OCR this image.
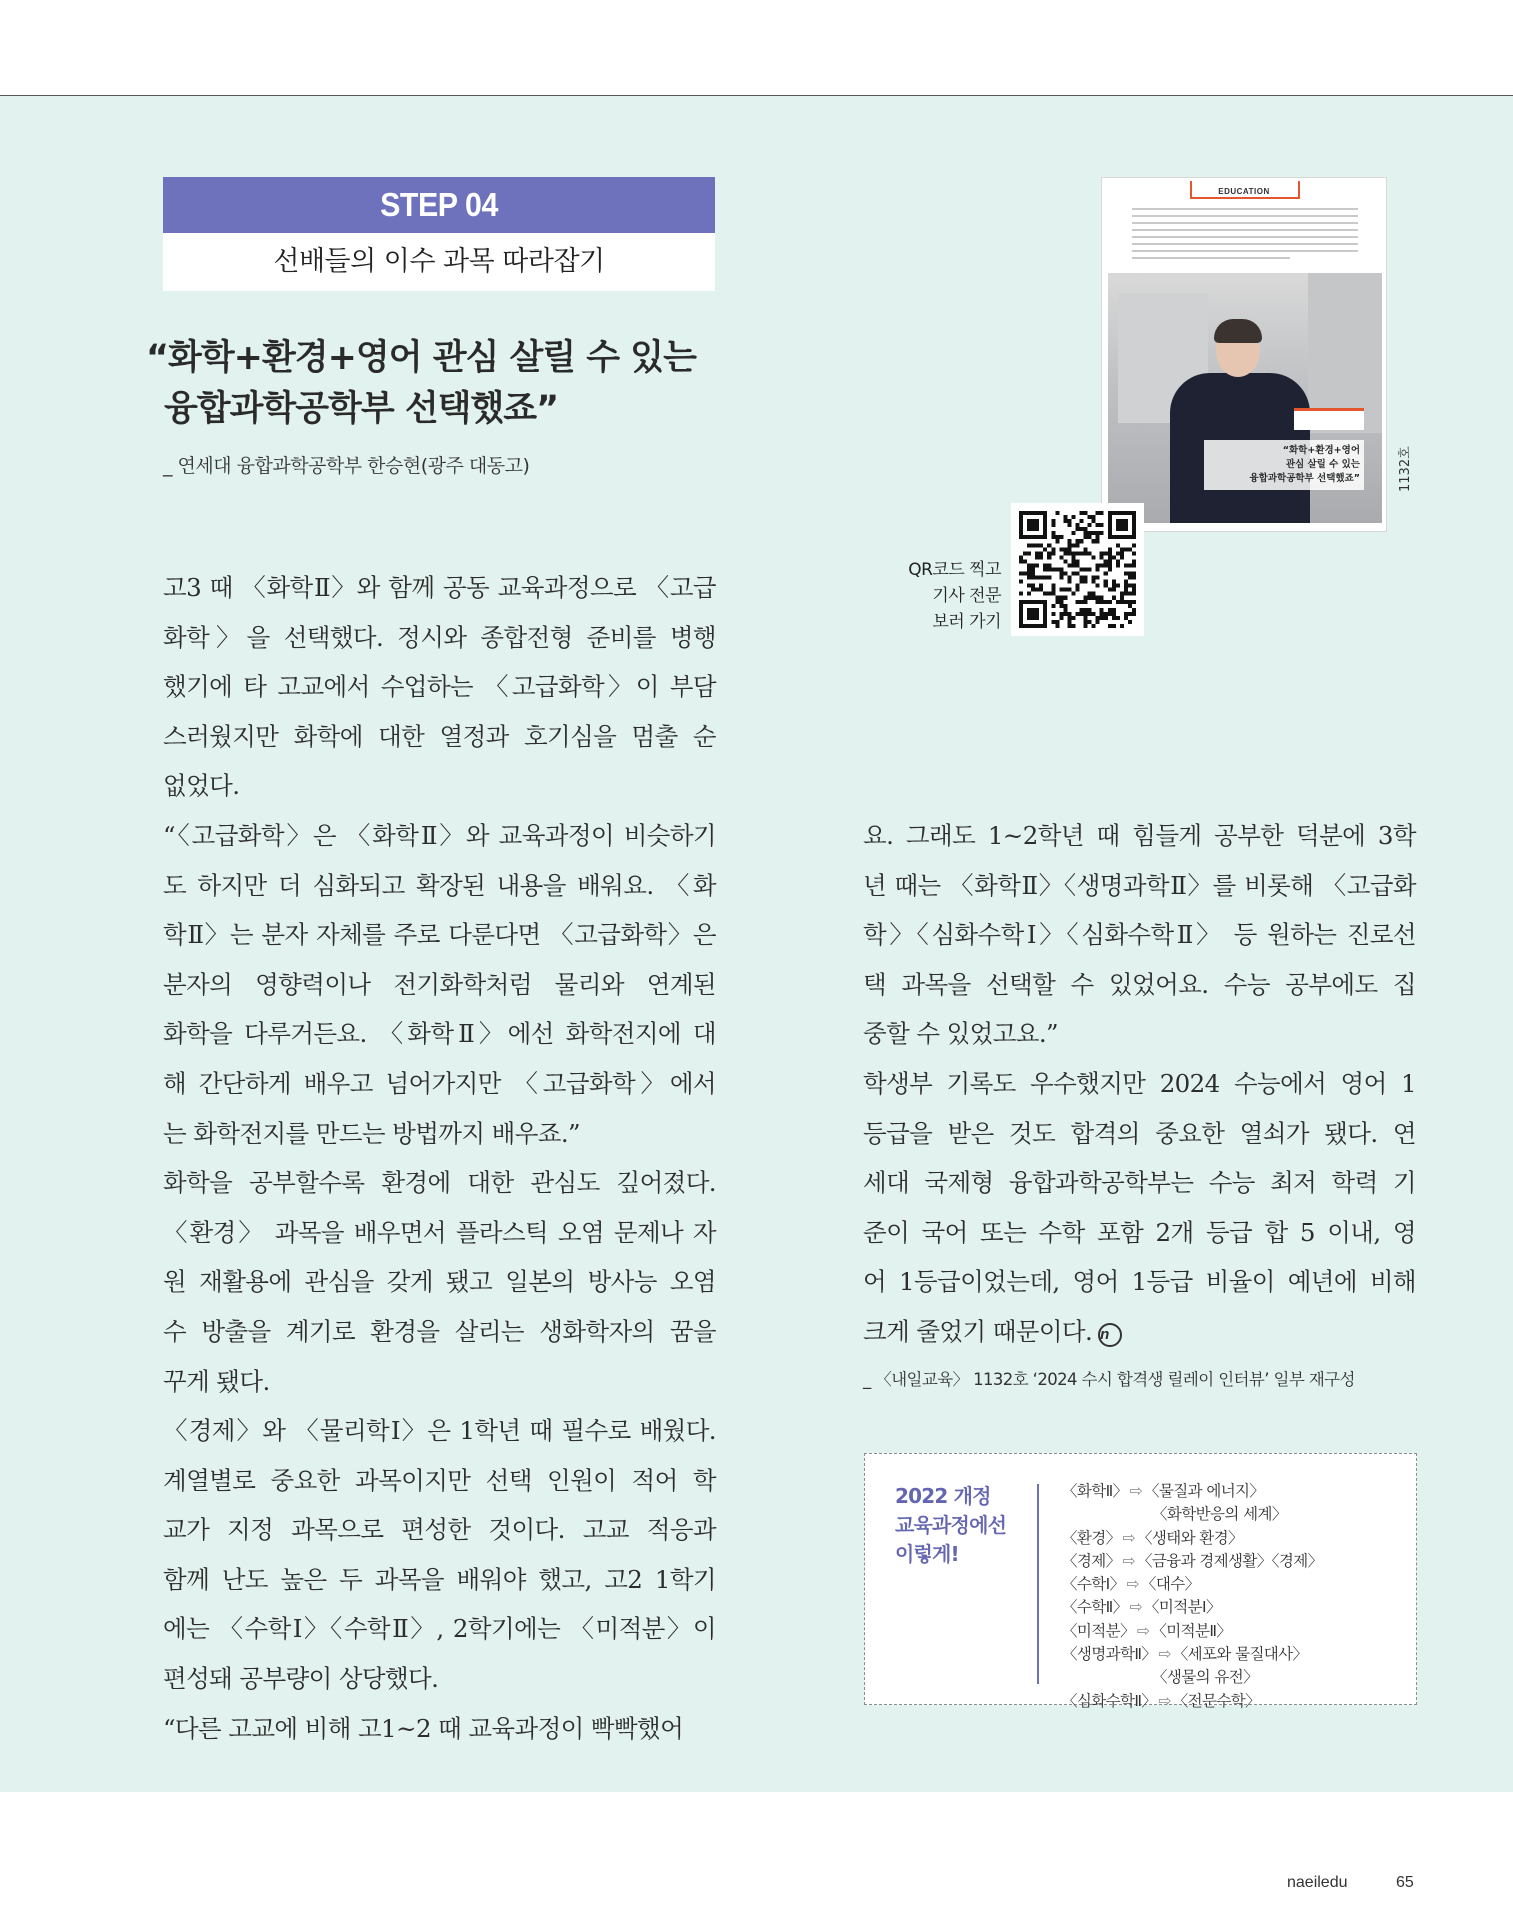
STEP 04
선배들의 이수 과목 따라잡기
“화학+환경+영어 관심 살릴 수 있는
융합과학공학부 선택했죠”
_ 연세대 융합과학공학부 한승현(광주 대동고)
EDUCATION
“화학+환경+영어
관심 살릴 수 있는
융합과학공학부 선택했죠”	1132호
QR코드 찍고
기사 전문
보러 가기
고3 때 〈화학Ⅱ〉와 함께 공동 교육과정으로 〈고급
화학〉을 선택했다. 정시와 종합전형 준비를 병행
했기에 타 고교에서 수업하는 〈고급화학〉이 부담
스러웠지만 화학에 대한 열정과 호기심을 멈출 순
없었다.
“〈고급화학〉은 〈화학Ⅱ〉와 교육과정이 비슷하기
도 하지만 더 심화되고 확장된 내용을 배워요. 〈화
학Ⅱ〉는 분자 자체를 주로 다룬다면 〈고급화학〉은
분자의 영향력이나 전기화학처럼 물리와 연계된
화학을 다루거든요. 〈화학Ⅱ〉에선 화학전지에 대
해 간단하게 배우고 넘어가지만 〈고급화학〉에서
는 화학전지를 만드는 방법까지 배우죠.”
화학을 공부할수록 환경에 대한 관심도 깊어졌다.
〈환경〉 과목을 배우면서 플라스틱 오염 문제나 자
원 재활용에 관심을 갖게 됐고 일본의 방사능 오염
수 방출을 계기로 환경을 살리는 생화학자의 꿈을
꾸게 됐다.
〈경제〉와 〈물리학Ⅰ〉은 1학년 때 필수로 배웠다.
계열별로 중요한 과목이지만 선택 인원이 적어 학
교가 지정 과목으로 편성한 것이다. 고교 적응과
함께 난도 높은 두 과목을 배워야 했고, 고2 1학기
에는 〈수학Ⅰ〉〈수학Ⅱ〉, 2학기에는 〈미적분〉이
편성돼 공부량이 상당했다.
“다른 고교에 비해 고1~2 때 교육과정이 빡빡했어
요. 그래도 1~2학년 때 힘들게 공부한 덕분에 3학
년 때는 〈화학Ⅱ〉〈생명과학Ⅱ〉를 비롯해 〈고급화
학〉〈심화수학Ⅰ〉〈심화수학Ⅱ〉 등 원하는 진로선
택 과목을 선택할 수 있었어요. 수능 공부에도 집
중할 수 있었고요.”
학생부 기록도 우수했지만 2024 수능에서 영어 1
등급을 받은 것도 합격의 중요한 열쇠가 됐다. 연
세대 국제형 융합과학공학부는 수능 최저 학력 기
준이 국어 또는 수학 포함 2개 등급 합 5 이내, 영
어 1등급이었는데, 영어 1등급 비율이 예년에 비해
크게 줄었기 때문이다. n
_ 〈내일교육〉 1132호 ‘2024 수시 합격생 릴레이 인터뷰’ 일부 재구성
2022 개정
교육과정에선
이렇게!
〈화학Ⅱ〉 ⇨ 〈물질과 에너지〉
〈화학반응의 세계〉
〈환경〉 ⇨ 〈생태와 환경〉
〈경제〉 ⇨ 〈금융과 경제생활〉〈경제〉
〈수학Ⅰ〉 ⇨ 〈대수〉
〈수학Ⅱ〉 ⇨ 〈미적분Ⅰ〉
〈미적분〉 ⇨ 〈미적분Ⅱ〉
〈생명과학Ⅱ〉 ⇨ 〈세포와 물질대사〉
〈생물의 유전〉
〈심화수학Ⅱ〉 ⇨ 〈전문수학〉
naeiledu	65
